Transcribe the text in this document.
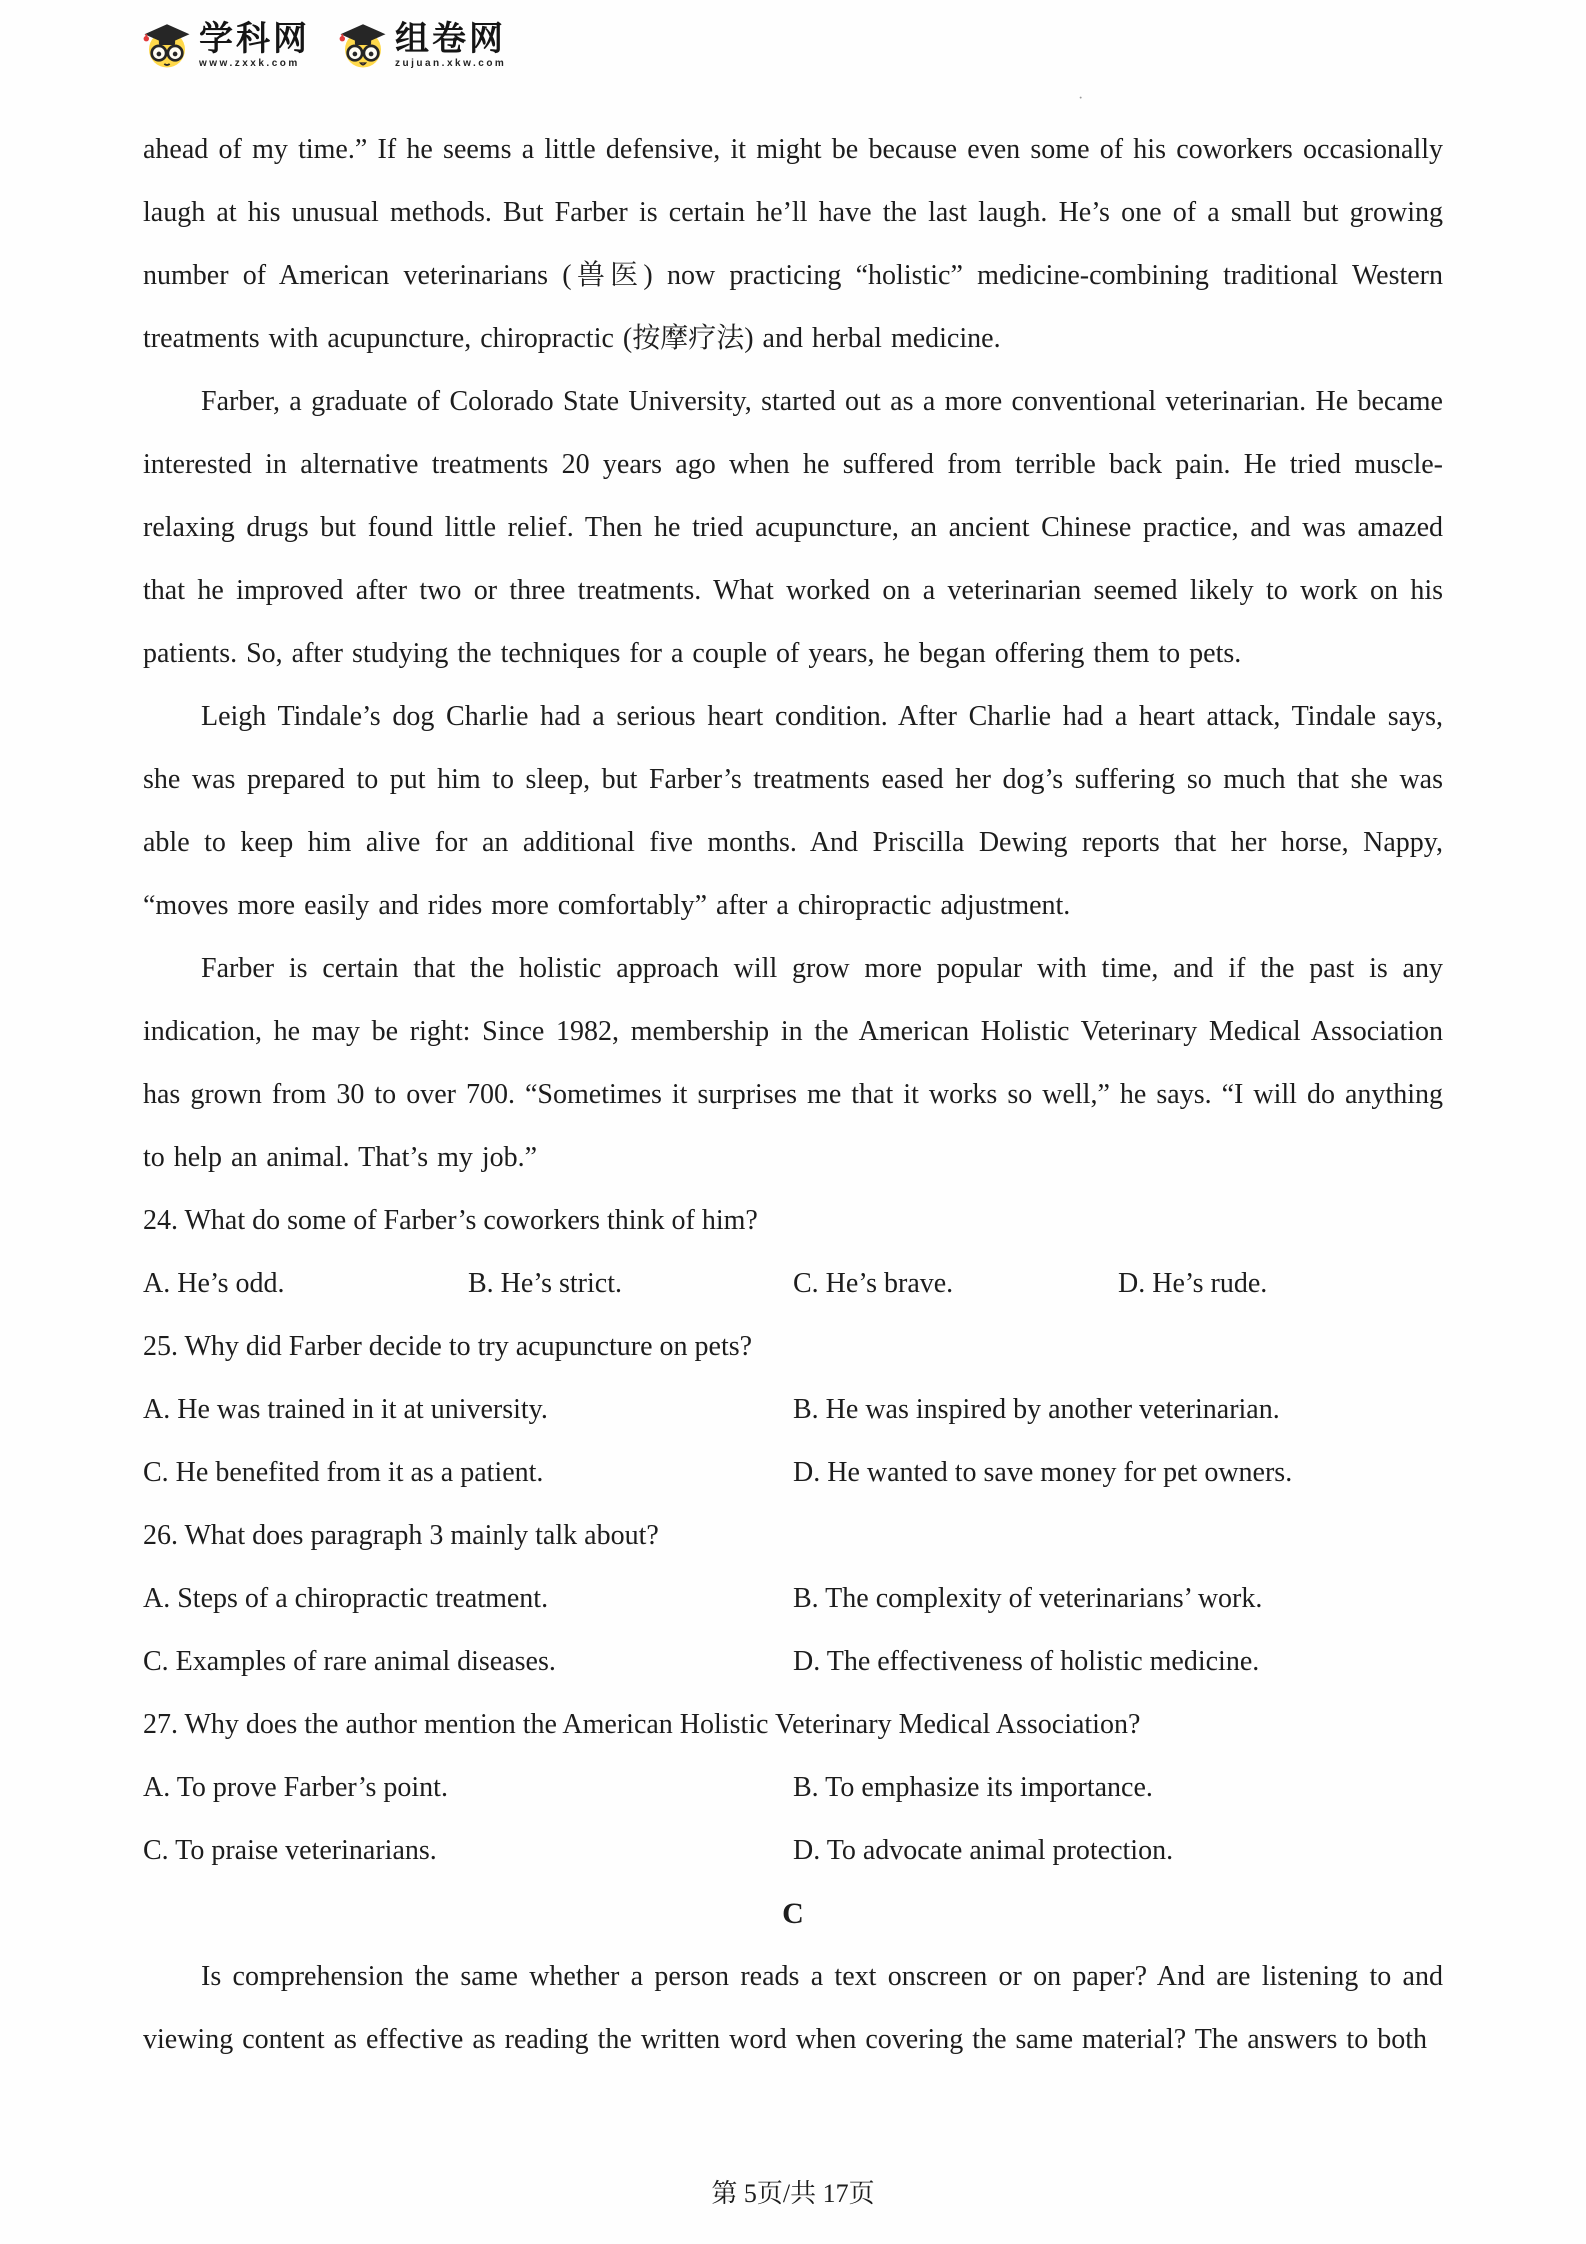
学科网
www.zxxk.com
组卷网
zujuan.xkw.com
·

ahead of my time.” If he seems a little defensive, it might be because even some of his coworkers occasionally laugh at his unusual methods. But Farber is certain he’ll have the last laugh. He’s one of a small but growing number of American veterinarians (兽医) now practicing “holistic” medicine-combining traditional Western treatments with acupuncture, chiropractic (按摩疗法) and herbal medicine.

Farber, a graduate of Colorado State University, started out as a more conventional veterinarian. He became interested in alternative treatments 20 years ago when he suffered from terrible back pain. He tried muscle-relaxing drugs but found little relief. Then he tried acupuncture, an ancient Chinese practice, and was amazed that he improved after two or three treatments. What worked on a veterinarian seemed likely to work on his patients. So, after studying the techniques for a couple of years, he began offering them to pets.

Leigh Tindale’s dog Charlie had a serious heart condition. After Charlie had a heart attack, Tindale says, she was prepared to put him to sleep, but Farber’s treatments eased her dog’s suffering so much that she was able to keep him alive for an additional five months. And Priscilla Dewing reports that her horse, Nappy, “moves more easily and rides more comfortably” after a chiropractic adjustment.

Farber is certain that the holistic approach will grow more popular with time, and if the past is any indication, he may be right: Since 1982, membership in the American Holistic Veterinary Medical Association has grown from 30 to over 700. “Sometimes it surprises me that it works so well,” he says. “I will do anything to help an animal. That’s my job.”

24. What do some of Farber’s coworkers think of him?
A. He’s odd.	B. He’s strict.	C. He’s brave.	D. He’s rude.
25. Why did Farber decide to try acupuncture on pets?
A. He was trained in it at university.	B. He was inspired by another veterinarian.
C. He benefited from it as a patient.	D. He wanted to save money for pet owners.
26. What does paragraph 3 mainly talk about?
A. Steps of a chiropractic treatment.	B. The complexity of veterinarians’ work.
C. Examples of rare animal diseases.	D. The effectiveness of holistic medicine.
27. Why does the author mention the American Holistic Veterinary Medical Association?
A. To prove Farber’s point.	B. To emphasize its importance.
C. To praise veterinarians.	D. To advocate animal protection.
C

Is comprehension the same whether a person reads a text onscreen or on paper? And are listening to and viewing content as effective as reading the written word when covering the same material? The answers to both

第 5页/共 17页
